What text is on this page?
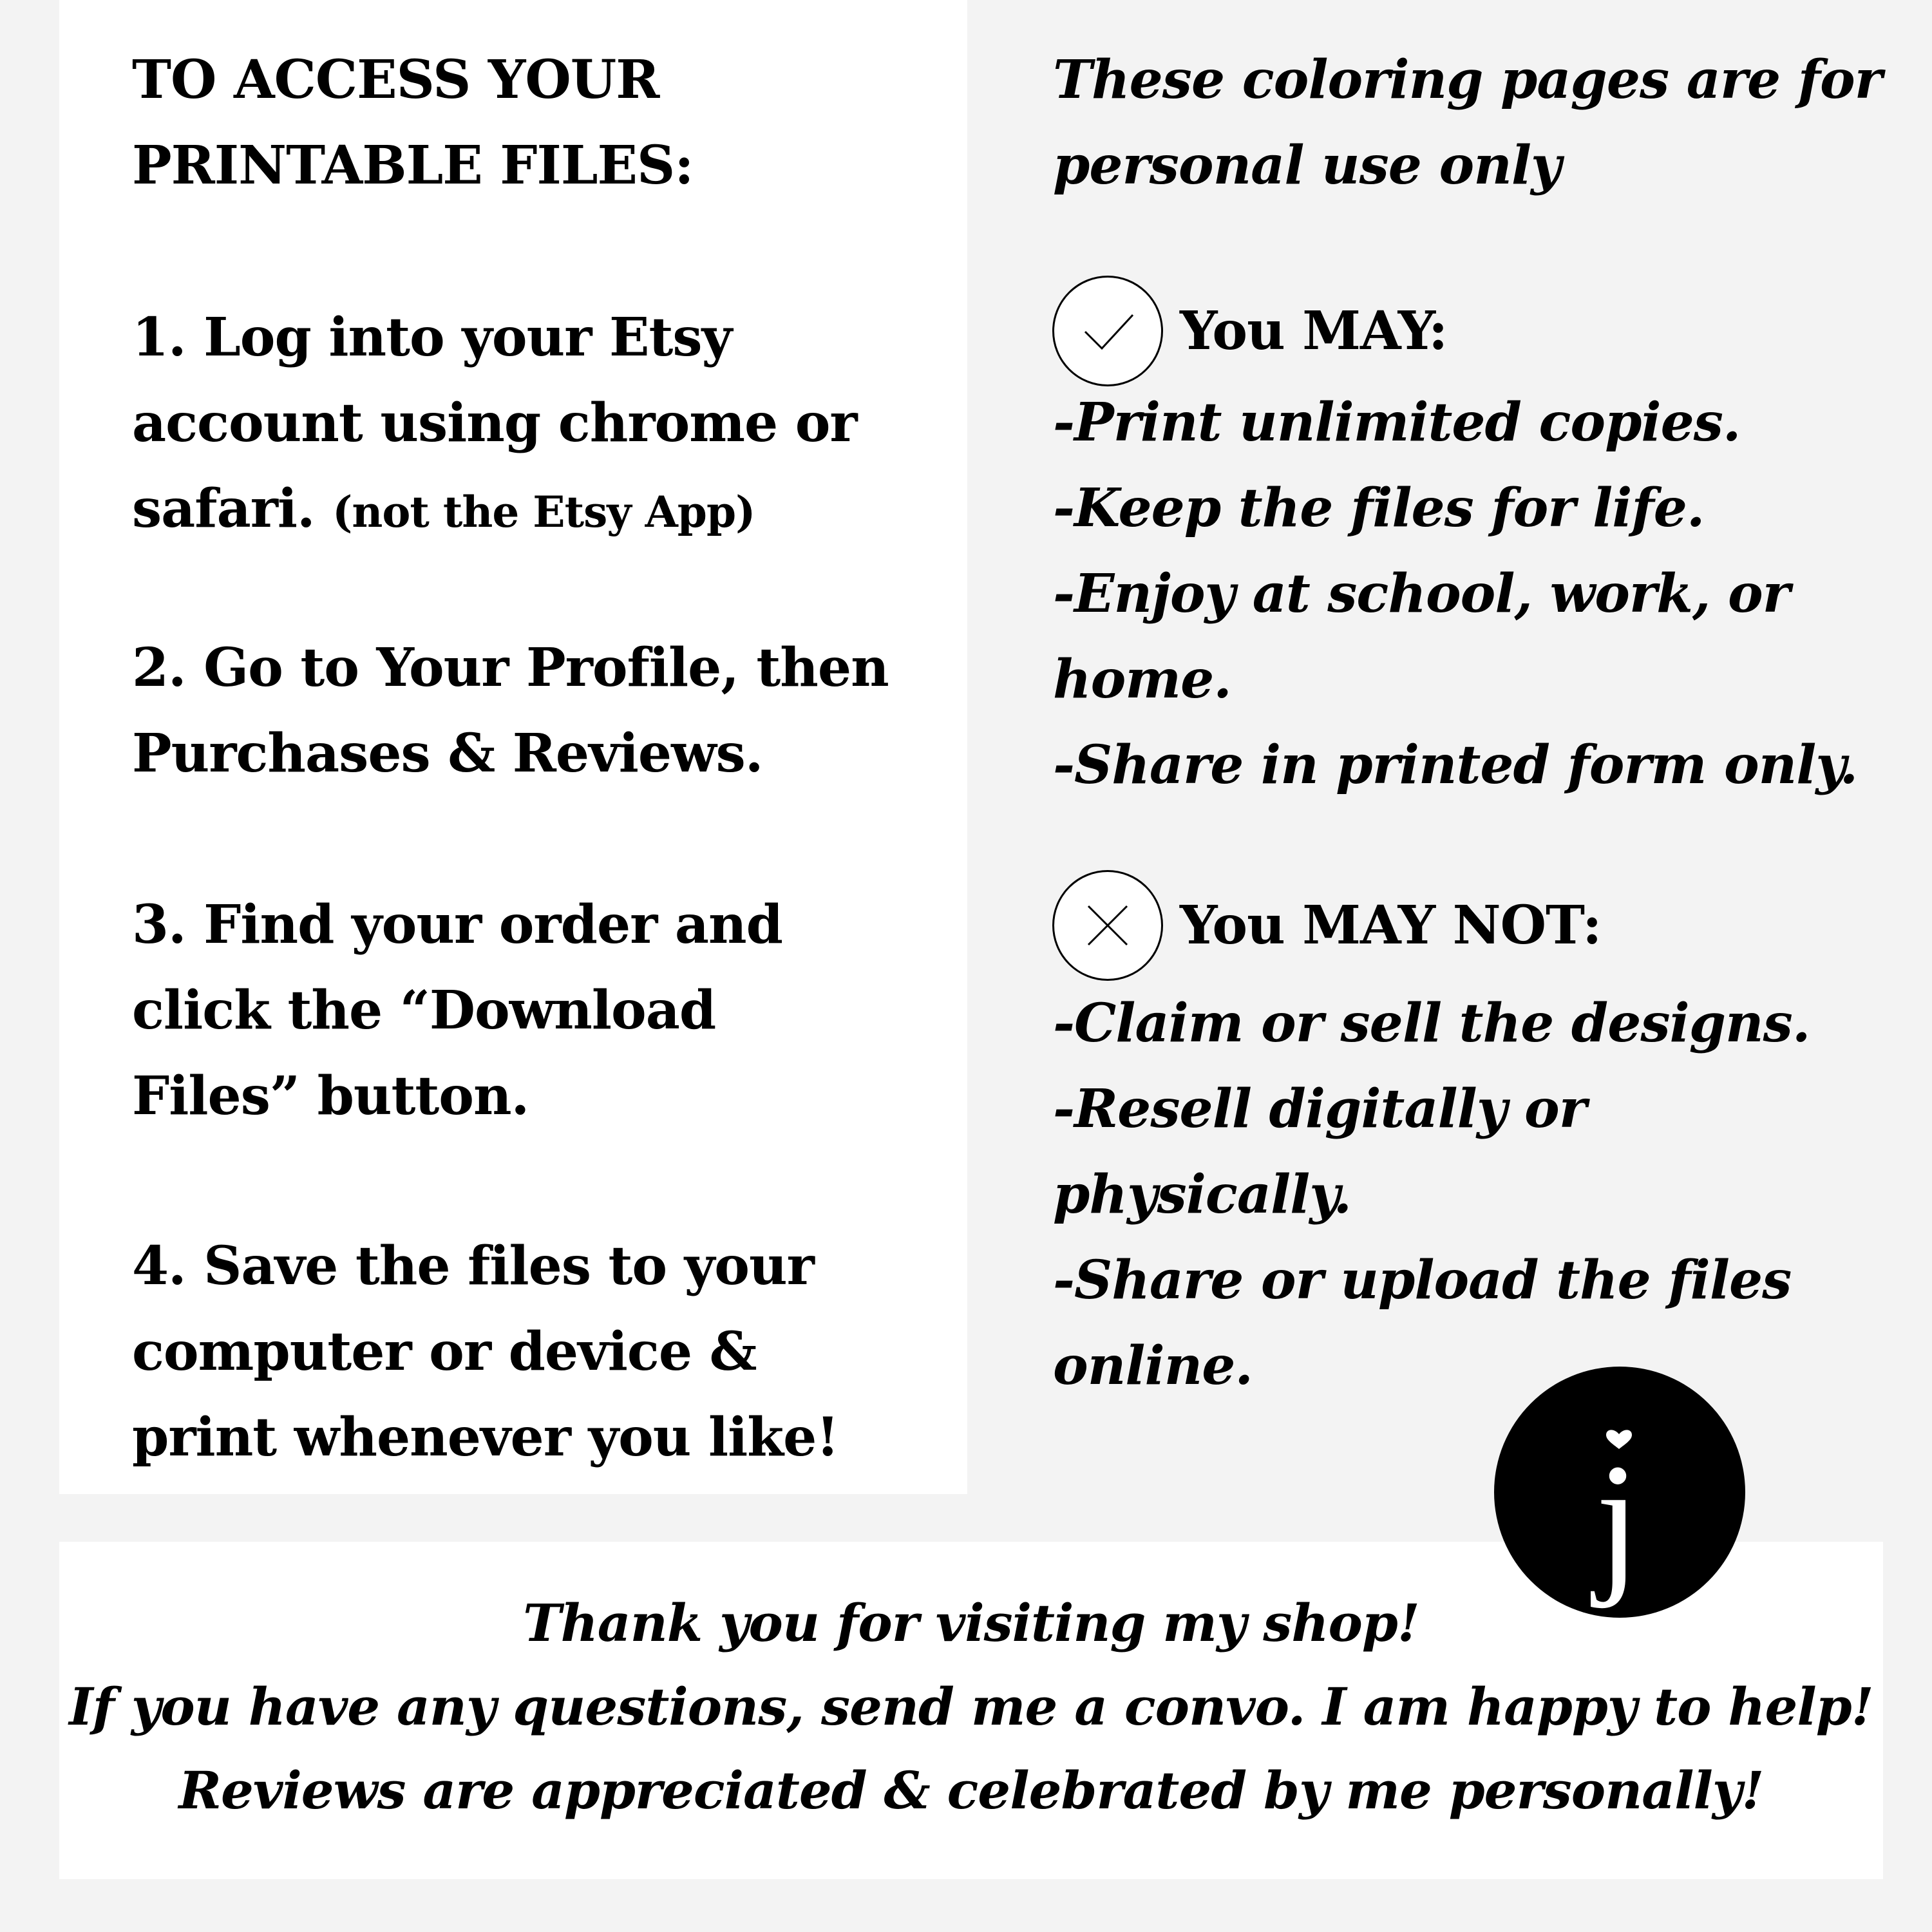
TO ACCESS YOUR
PRINTABLE FILES:
1. Log into your Etsy
account using chrome or
safari. (not the Etsy App)
2. Go to Your Profile, then
Purchases & Reviews.
3. Find your order and
click the “Download
Files” button.
4. Save the files to your
computer or device &
print whenever you like!
These coloring pages are for
personal use only
You MAY:
-Print unlimited copies.
-Keep the files for life.
-Enjoy at school, work, or
home.
-Share in printed form only.
You MAY NOT:
-Claim or sell the designs.
-Resell digitally or
physically.
-Share or upload the files
online.
j
Thank you for visiting my shop!
If you have any questions, send me a convo. I am happy to help!
Reviews are appreciated & celebrated by me personally!
